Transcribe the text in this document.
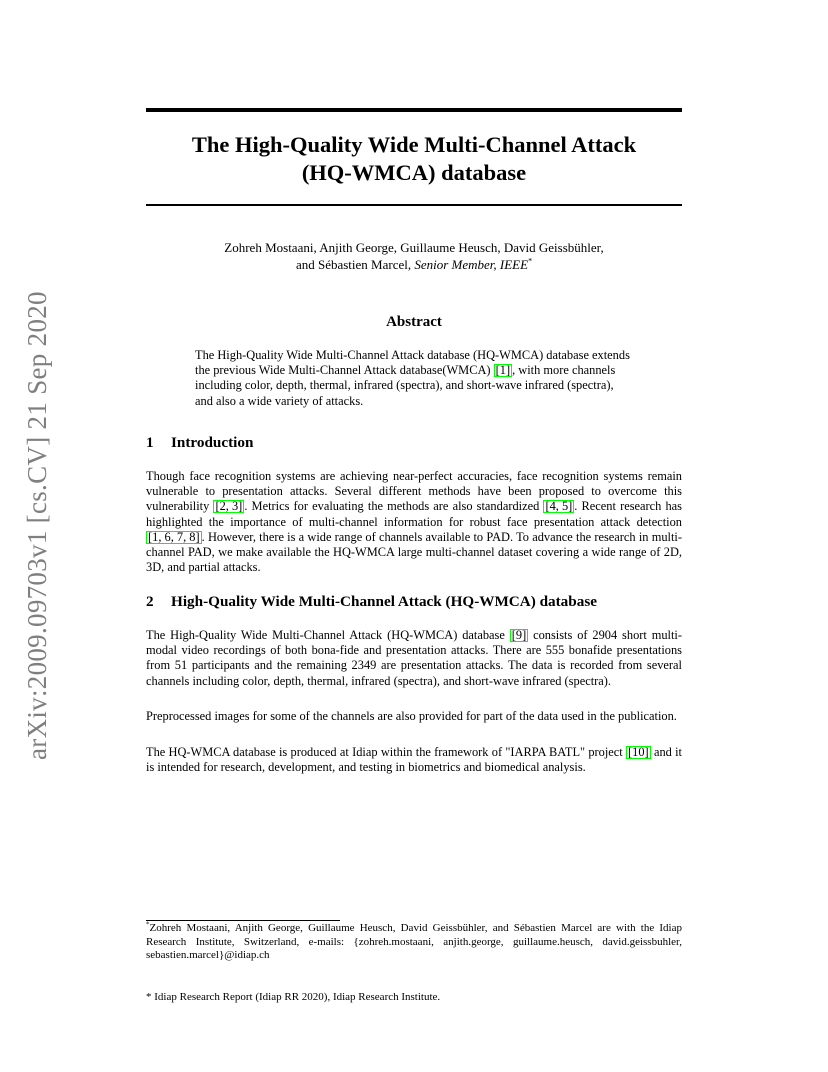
arXiv:2009.09703v1 [cs.CV] 21 Sep 2020
The High-Quality Wide Multi-Channel Attack
(HQ-WMCA) database
Zohreh Mostaani, Anjith George, Guillaume Heusch, David Geissbühler,
and Sébastien Marcel, Senior Member, IEEE*
Abstract
The High-Quality Wide Multi-Channel Attack database (HQ-WMCA) database extends the previous Wide Multi-Channel Attack database(WMCA) [1] , with more channels including color, depth, thermal, infrared (spectra), and short-wave infrared (spectra), and also a wide variety of attacks.
1 Introduction
Though face recognition systems are achieving near-perfect accuracies, face recognition systems remain vulnerable to presentation attacks. Several different methods have been proposed to overcome this vulnerability [2, 3] . Metrics for evaluating the methods are also standardized [4, 5] . Recent research has highlighted the importance of multi-channel information for robust face presentation attack detection [1, 6, 7, 8] . However, there is a wide range of channels available to PAD. To advance the research in multi-channel PAD, we make available the HQ-WMCA large multi-channel dataset covering a wide range of 2D, 3D, and partial attacks.
2 High-Quality Wide Multi-Channel Attack (HQ-WMCA) database
The High-Quality Wide Multi-Channel Attack (HQ-WMCA) database [9] consists of 2904 short multi-modal video recordings of both bona-fide and presentation attacks. There are 555 bonafide presentations from 51 participants and the remaining 2349 are presentation attacks. The data is recorded from several channels including color, depth, thermal, infrared (spectra), and short-wave infrared (spectra).
Preprocessed images for some of the channels are also provided for part of the data used in the publication.
The HQ-WMCA database is produced at Idiap within the framework of "IARPA BATL" project [10] and it is intended for research, development, and testing in biometrics and biomedical analysis.
*Zohreh Mostaani, Anjith George, Guillaume Heusch, David Geissbühler, and Sébastien Marcel are with the Idiap Research Institute, Switzerland, e-mails: {zohreh.mostaani, anjith.george, guillaume.heusch, david.geissbuhler, sebastien.marcel}@idiap.ch
* Idiap Research Report (Idiap RR 2020), Idiap Research Institute.
